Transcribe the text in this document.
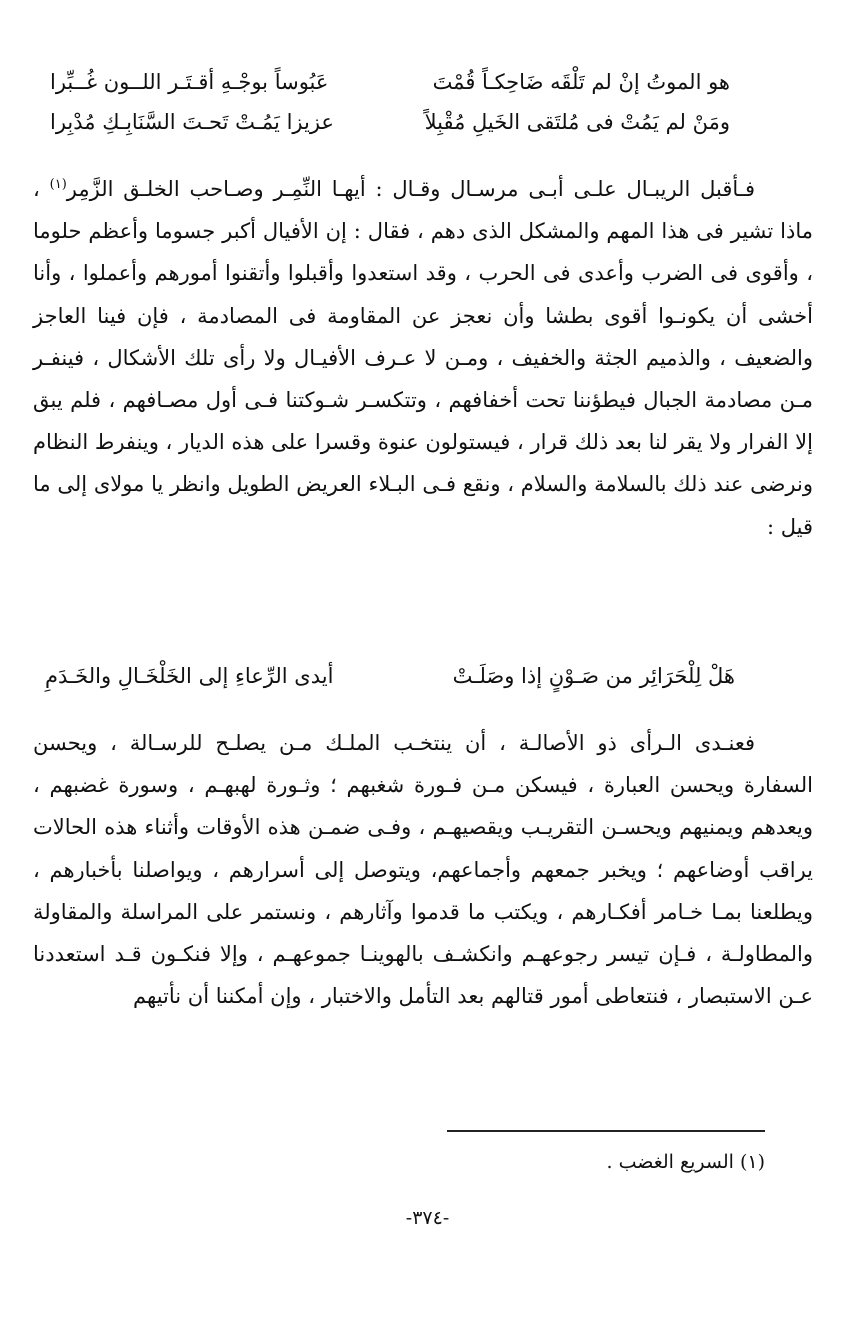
هو الموتُ إنْ لم تَلْقَه ضَاحِكـاً قُمْتَ
عَبُوساً بوجْـهِ أقـتَـر اللــون غُــبِّرا
ومَنْ لم يَمُتْ فى مُلتَقى الخَيلِ مُقْبِلاً
عزيزا يَمُـتْ تَحـتَ السَّنَابِـكِ مُدْبِرا

فـأقبل الريبـال علـى أبـى مرسـال وقـال : أيهـا النِّمِـر وصـاحب الخلـق الزَّمِر$^{(١)}$ ، ماذا تشير فى هذا المهم والمشكل الذى دهم ، فقال : إن الأفيال أكبر جسوما وأعظم حلوما ، وأقوى فى الضرب وأعدى فى الحرب ، وقد استعدوا وأقبلوا وأتقنوا أمورهم وأعملوا ، وأنا أخشى أن يكونـوا أقوى بطشا وأن نعجز عن المقاومة فى المصادمة ، فإن فينا العاجز والضعيف ، والذميم الجثة والخفيف ، ومـن لا عـرف الأفيـال ولا رأى تلك الأشكال ، فينفـر مـن مصادمة الجبال فيطؤننا تحت أخفافهم ، وتتكسـر شـوكتنا فـى أول مصـافهم ، فلم يبق إلا الفرار ولا يقر لنا بعد ذلك قرار ، فيستولون عنوة وقسرا على هذه الديار ، وينفرط النظام ونرضى عند ذلك بالسلامة والسلام ، ونقع فـى البـلاء العريض الطويل وانظر يا مولاى إلى ما قيل :

هَلْ لِلْحَرَائِر من صَـوْنٍ إذا وصَلَـتْ
أيدى الرِّعاءِ إلى الخَلْخَـالِ والخَـدَمِ

فعنـدى الـرأى ذو الأصالـة ، أن ينتخـب الملـك مـن يصلـح للرسـالة ، ويحسن السفارة ويحسن العبارة ، فيسكن مـن فـورة شغبهم ؛ وثـورة لهبهـم ، وسورة غضبهم ، ويعدهم ويمنيهم ويحسـن التقريـب ويقصيهـم ، وفـى ضمـن هذه الأوقات وأثناء هذه الحالات يراقب أوضاعهم ؛ ويخبر جمعهم وأجماعهم، ويتوصل إلى أسرارهم ، ويواصلنا بأخبارهم ، ويطلعنا بمـا خـامر أفكـارهم ، ويكتب ما قدموا وآثارهم ، ونستمر على المراسلة والمقاولة والمطاولـة ، فـإن تيسر رجوعهـم وانكشـف بالهوينـا جموعهـم ، وإلا فنكـون قـد استعددنا عـن الاستبصار ، فنتعاطى أمور قتالهم بعد التأمل والاختبار ، وإن أمكننا أن نأتيهم

(١) السريع الغضب .
-٣٧٤-
